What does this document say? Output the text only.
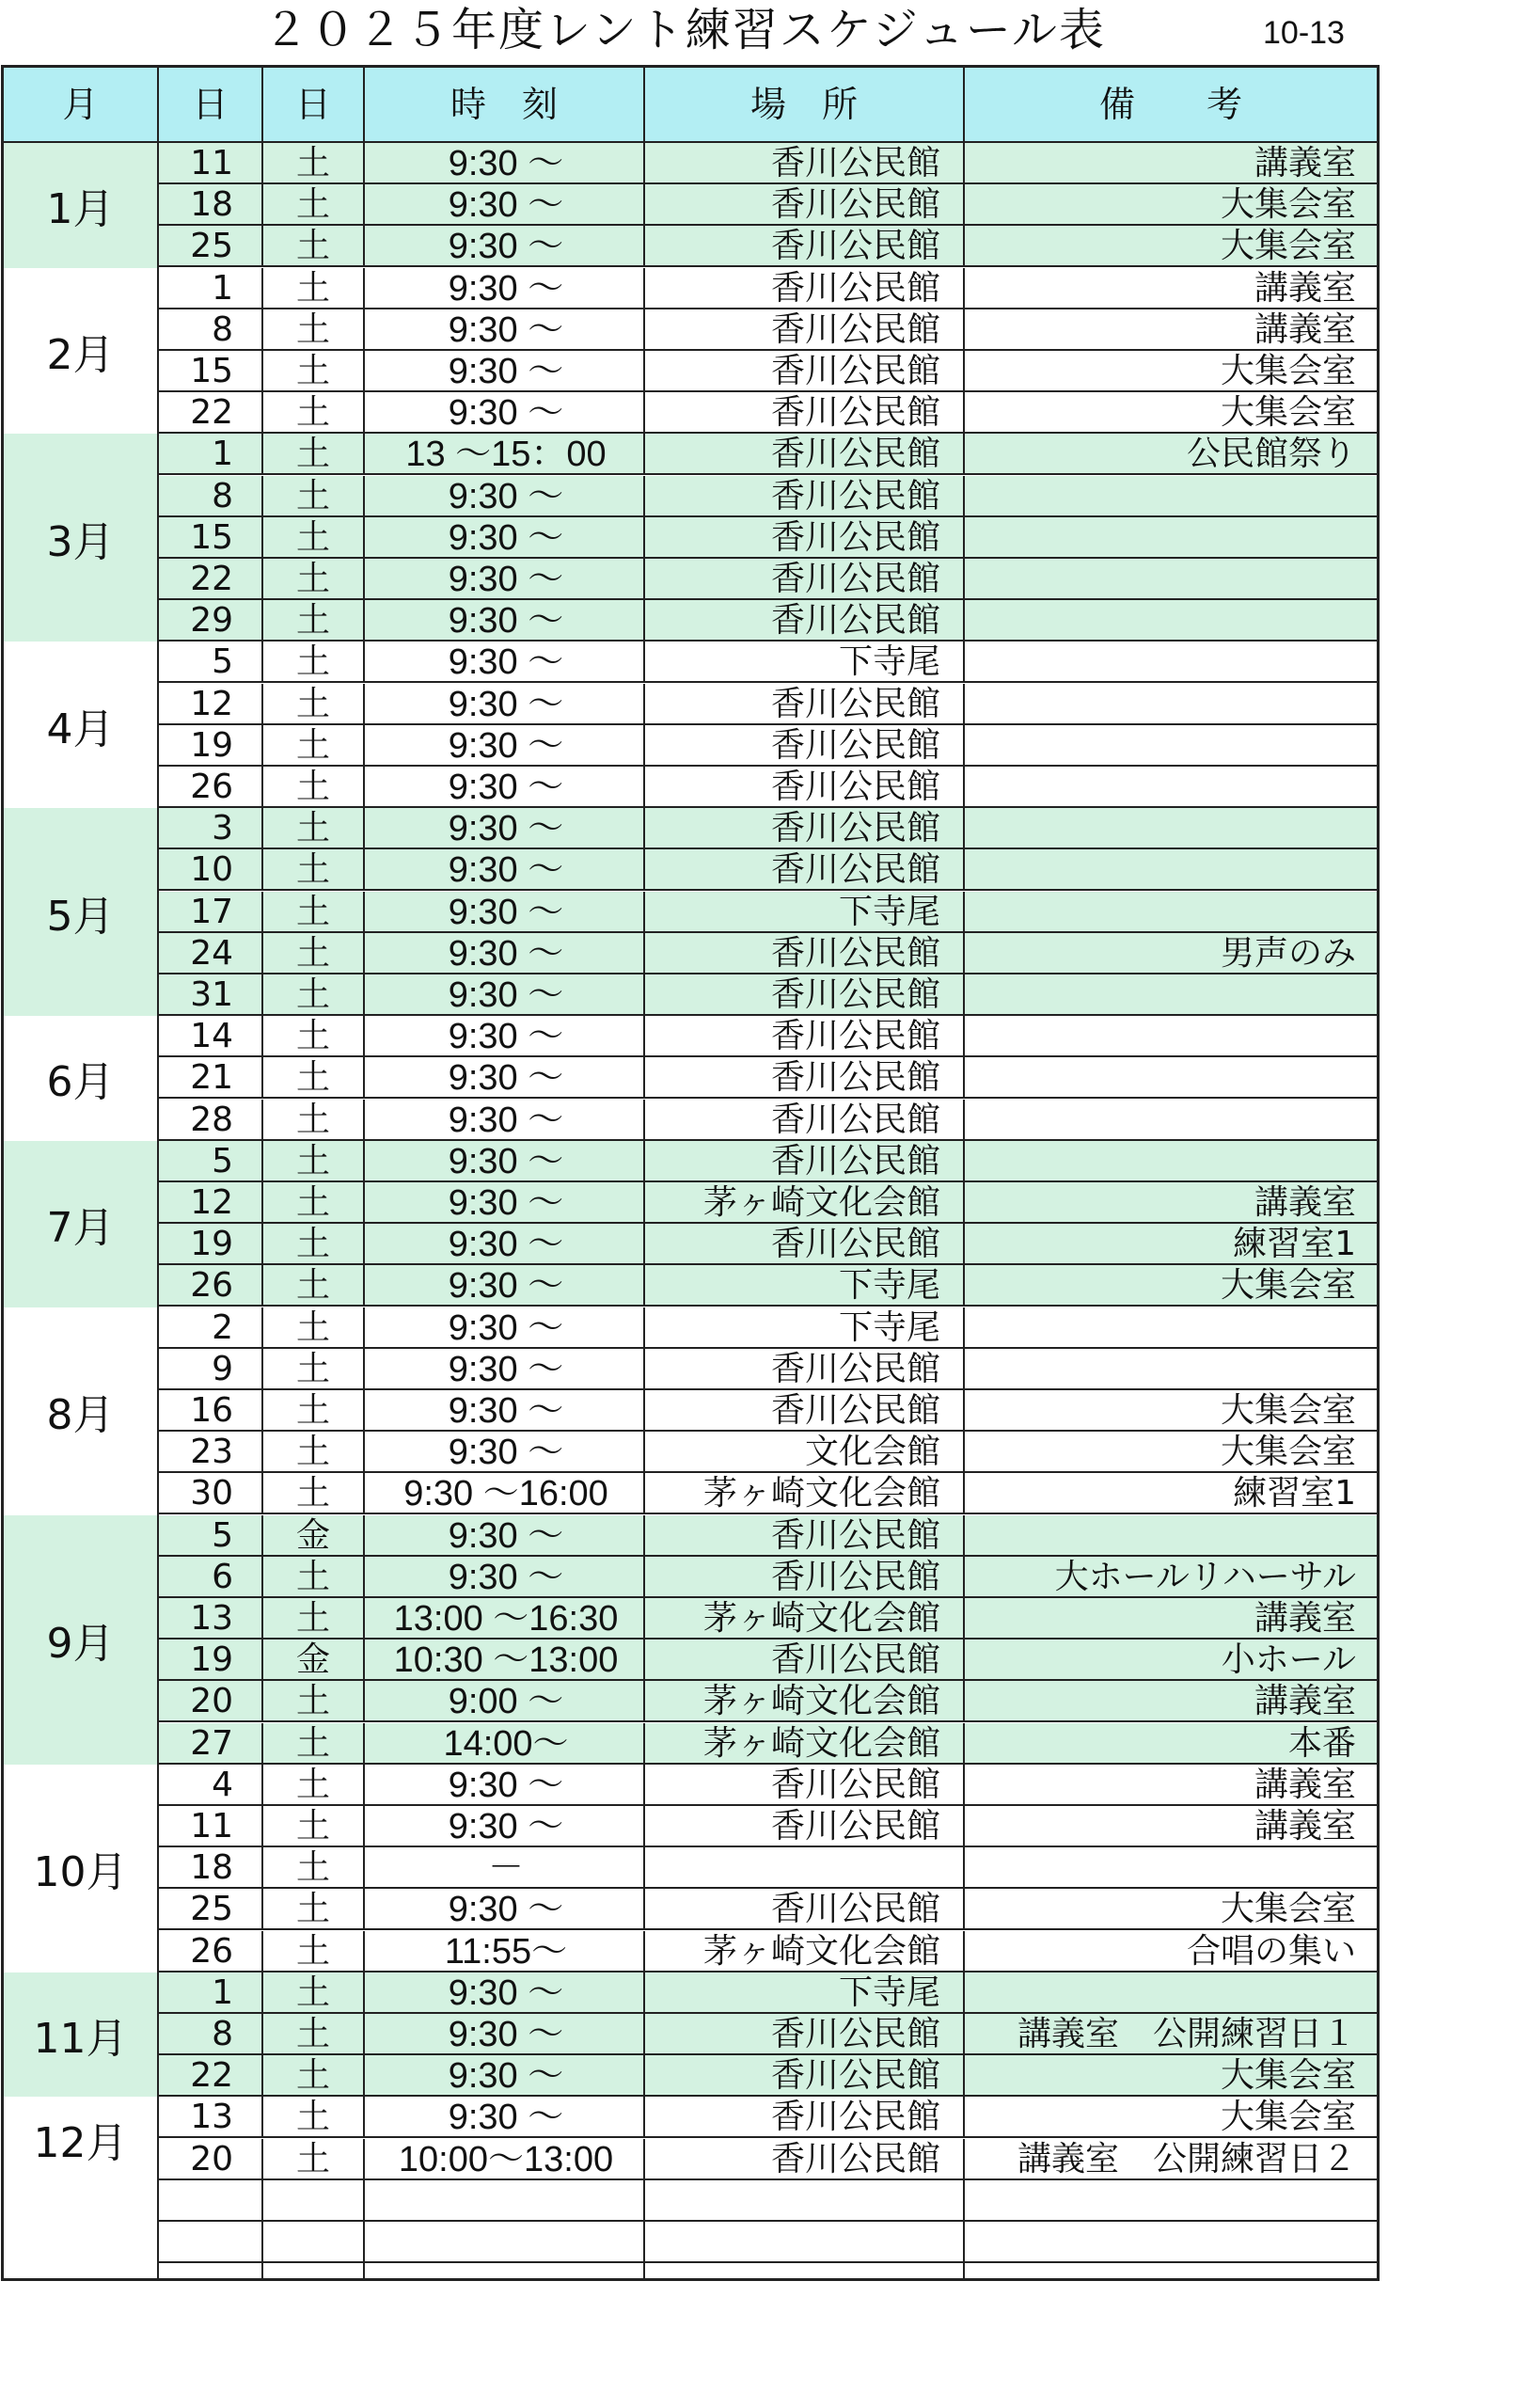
２０２５年度レント練習スケジュール表	10-13
月	日	日	時　刻	場　所	備　　考
1月
11	土	9:30 ～	香川公民館	講義室
18	土	9:30 ～	香川公民館	大集会室
25	土	9:30 ～	香川公民館	大集会室
2月
1	土	9:30 ～	香川公民館	講義室
8	土	9:30 ～	香川公民館	講義室
15	土	9:30 ～	香川公民館	大集会室
22	土	9:30 ～	香川公民館	大集会室
3月
1	土	13 ～15：00	香川公民館	公民館祭り
8	土	9:30 ～	香川公民館
15	土	9:30 ～	香川公民館
22	土	9:30 ～	香川公民館
29	土	9:30 ～	香川公民館
4月
5	土	9:30 ～	下寺尾
12	土	9:30 ～	香川公民館
19	土	9:30 ～	香川公民館
26	土	9:30 ～	香川公民館
5月
3	土	9:30 ～	香川公民館
10	土	9:30 ～	香川公民館
17	土	9:30 ～	下寺尾
24	土	9:30 ～	香川公民館	男声のみ
31	土	9:30 ～	香川公民館
6月
14	土	9:30 ～	香川公民館
21	土	9:30 ～	香川公民館
28	土	9:30 ～	香川公民館
7月
5	土	9:30 ～	香川公民館
12	土	9:30 ～	茅ヶ崎文化会館	講義室
19	土	9:30 ～	香川公民館	練習室1
26	土	9:30 ～	下寺尾	大集会室
8月
2	土	9:30 ～	下寺尾
9	土	9:30 ～	香川公民館
16	土	9:30 ～	香川公民館	大集会室
23	土	9:30 ～	文化会館	大集会室
30	土	9:30 ～16:00	茅ヶ崎文化会館	練習室1
9月
5	金	9:30 ～	香川公民館
6	土	9:30 ～	香川公民館	大ホールリハーサル
13	土	13:00 ～16:30	茅ヶ崎文化会館	講義室
19	金	10:30 ～13:00	香川公民館	小ホール
20	土	9:00 ～	茅ヶ崎文化会館	講義室
27	土	14:00～	茅ヶ崎文化会館	本番
10月
4	土	9:30 ～	香川公民館	講義室
11	土	9:30 ～	香川公民館	講義室
18	土	－
25	土	9:30 ～	香川公民館	大集会室
26	土	11:55～	茅ヶ崎文化会館	合唱の集い
11月
1	土	9:30 ～	下寺尾
8	土	9:30 ～	香川公民館	講義室　公開練習日１
22	土	9:30 ～	香川公民館	大集会室
12月
13	土	9:30 ～	香川公民館	大集会室
20	土	10:00～13:00	香川公民館	講義室　公開練習日２
